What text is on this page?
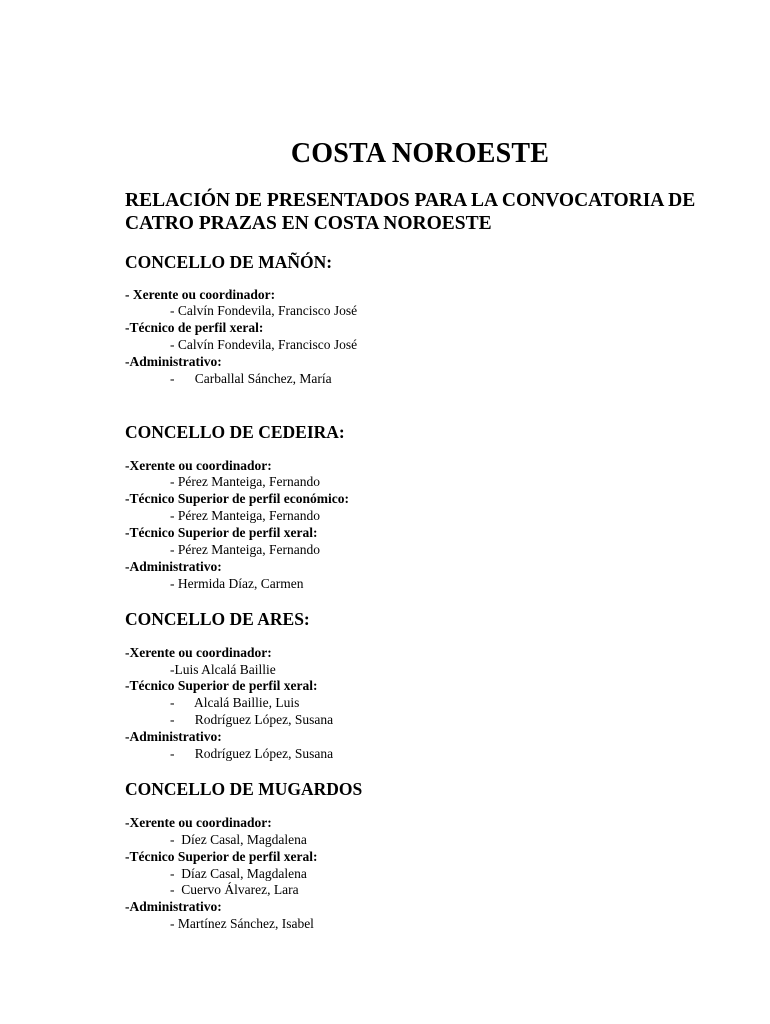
COSTA NOROESTE
RELACIÓN DE PRESENTADOS PARA LA CONVOCATORIA DE CATRO PRAZAS EN COSTA NOROESTE
CONCELLO DE MAÑÓN:
- Xerente ou coordinador:
- Calvín Fondevila, Francisco José
-Técnico de perfil xeral:
- Calvín Fondevila, Francisco José
-Administrativo:
-      Carballal Sánchez, María
CONCELLO DE CEDEIRA:
-Xerente ou coordinador:
- Pérez Manteiga, Fernando
-Técnico Superior de perfil económico:
- Pérez Manteiga, Fernando
-Técnico Superior de perfil xeral:
- Pérez Manteiga, Fernando
-Administrativo:
- Hermida Díaz, Carmen
CONCELLO DE ARES:
-Xerente ou coordinador:
-Luis Alcalá Baillie
-Técnico Superior de perfil xeral:
-      Alcalá Baillie, Luis
-      Rodríguez López, Susana
-Administrativo:
-      Rodríguez López, Susana
CONCELLO DE MUGARDOS
-Xerente ou coordinador:
-  Díez Casal, Magdalena
-Técnico Superior de perfil xeral:
-  Díaz Casal, Magdalena
-  Cuervo Álvarez, Lara
-Administrativo:
- Martínez Sánchez, Isabel
